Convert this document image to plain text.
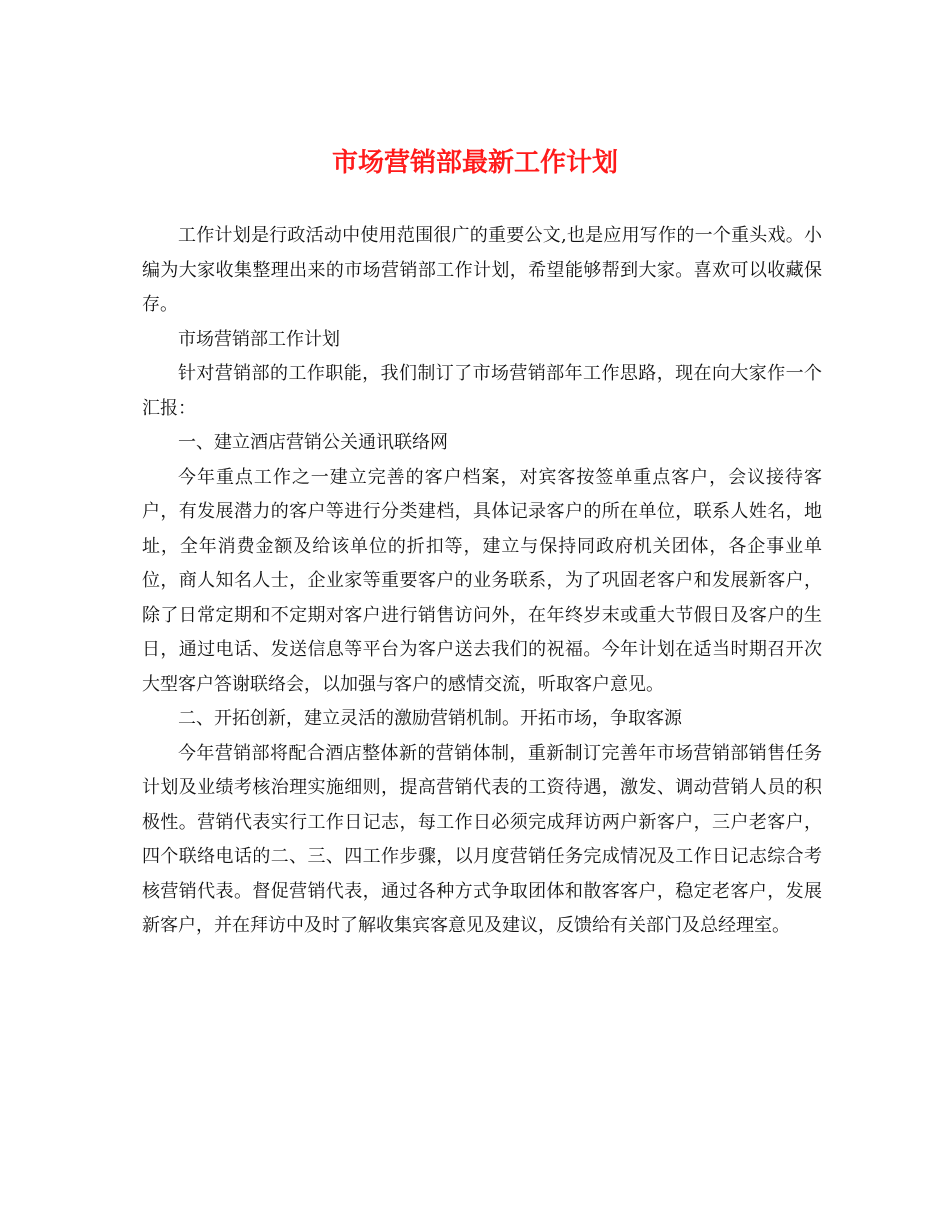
市场营销部最新工作计划

工作计划是行政活动中使用范围很广的重要公文,也是应用写作的一个重头戏。小编为大家收集整理出来的市场营销部工作计划，希望能够帮到大家。喜欢可以收藏保存。

市场营销部工作计划

针对营销部的工作职能，我们制订了市场营销部年工作思路，现在向大家作一个汇报：

一、建立酒店营销公关通讯联络网

今年重点工作之一建立完善的客户档案，对宾客按签单重点客户，会议接待客户，有发展潜力的客户等进行分类建档，具体记录客户的所在单位，联系人姓名，地址，全年消费金额及给该单位的折扣等，建立与保持同政府机关团体，各企事业单位，商人知名人士，企业家等重要客户的业务联系，为了巩固老客户和发展新客户，除了日常定期和不定期对客户进行销售访问外，在年终岁末或重大节假日及客户的生日，通过电话、发送信息等平台为客户送去我们的祝福。今年计划在适当时期召开次大型客户答谢联络会，以加强与客户的感情交流，听取客户意见。

二、开拓创新，建立灵活的激励营销机制。开拓市场，争取客源

今年营销部将配合酒店整体新的营销体制，重新制订完善年市场营销部销售任务计划及业绩考核治理实施细则，提高营销代表的工资待遇，激发、调动营销人员的积极性。营销代表实行工作日记志，每工作日必须完成拜访两户新客户，三户老客户，四个联络电话的二、三、四工作步骤，以月度营销任务完成情况及工作日记志综合考核营销代表。督促营销代表，通过各种方式争取团体和散客客户，稳定老客户，发展新客户，并在拜访中及时了解收集宾客意见及建议，反馈给有关部门及总经理室。
